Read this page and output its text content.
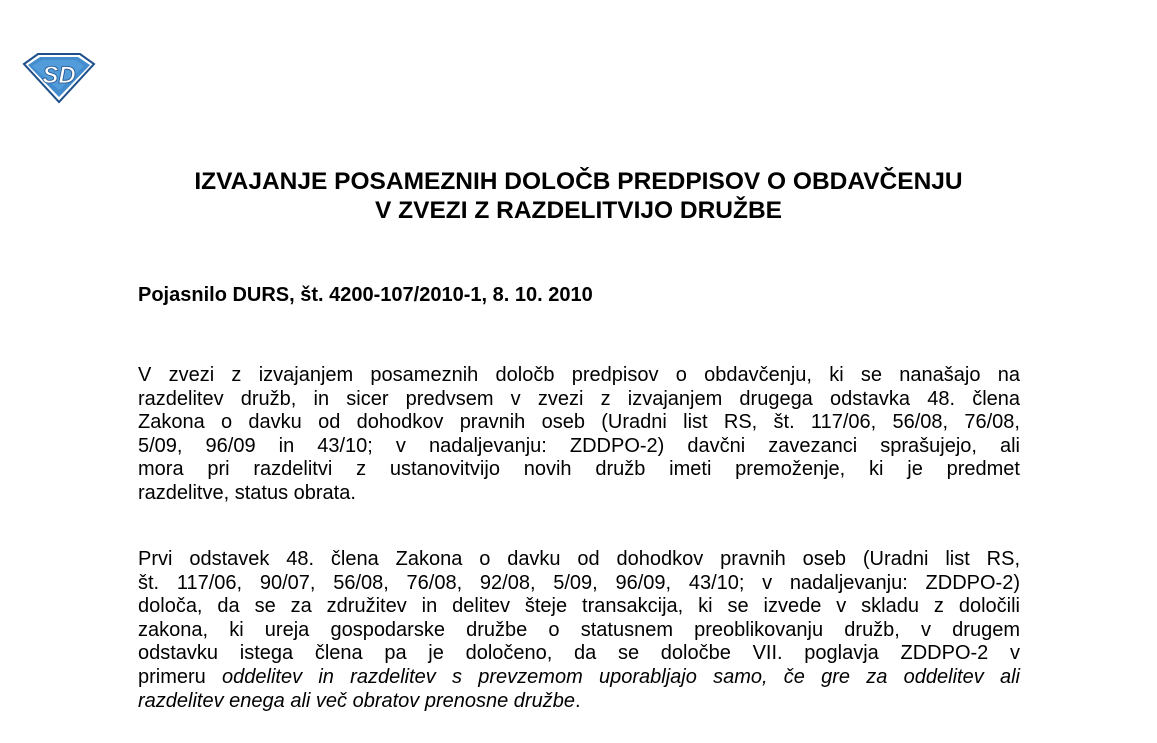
SD
IZVAJANJE POSAMEZNIH DOLOČB PREDPISOV O OBDAVČENJU
V ZVEZI Z RAZDELITVIJO DRUŽBE
Pojasnilo DURS, št. 4200-107/2010-1, 8. 10. 2010
V zvezi z izvajanjem posameznih določb predpisov o obdavčenju, ki se nanašajo na
razdelitev družb, in sicer predvsem v zvezi z izvajanjem drugega odstavka 48. člena
Zakona o davku od dohodkov pravnih oseb (Uradni list RS, št. 117/06, 56/08, 76/08,
5/09, 96/09 in 43/10; v nadaljevanju: ZDDPO-2) davčni zavezanci sprašujejo, ali
mora pri razdelitvi z ustanovitvijo novih družb imeti premoženje, ki je predmet
razdelitve, status obrata.
Prvi odstavek 48. člena Zakona o davku od dohodkov pravnih oseb (Uradni list RS,
št. 117/06, 90/07, 56/08, 76/08, 92/08, 5/09, 96/09, 43/10; v nadaljevanju: ZDDPO-2)
določa, da se za združitev in delitev šteje transakcija, ki se izvede v skladu z določili
zakona, ki ureja gospodarske družbe o statusnem preoblikovanju družb, v drugem
odstavku istega člena pa je določeno, da se določbe VII. poglavja ZDDPO-2 v
primeru oddelitev in razdelitev s prevzemom uporabljajo samo, če gre za oddelitev ali
razdelitev enega ali več obratov prenosne družbe.
